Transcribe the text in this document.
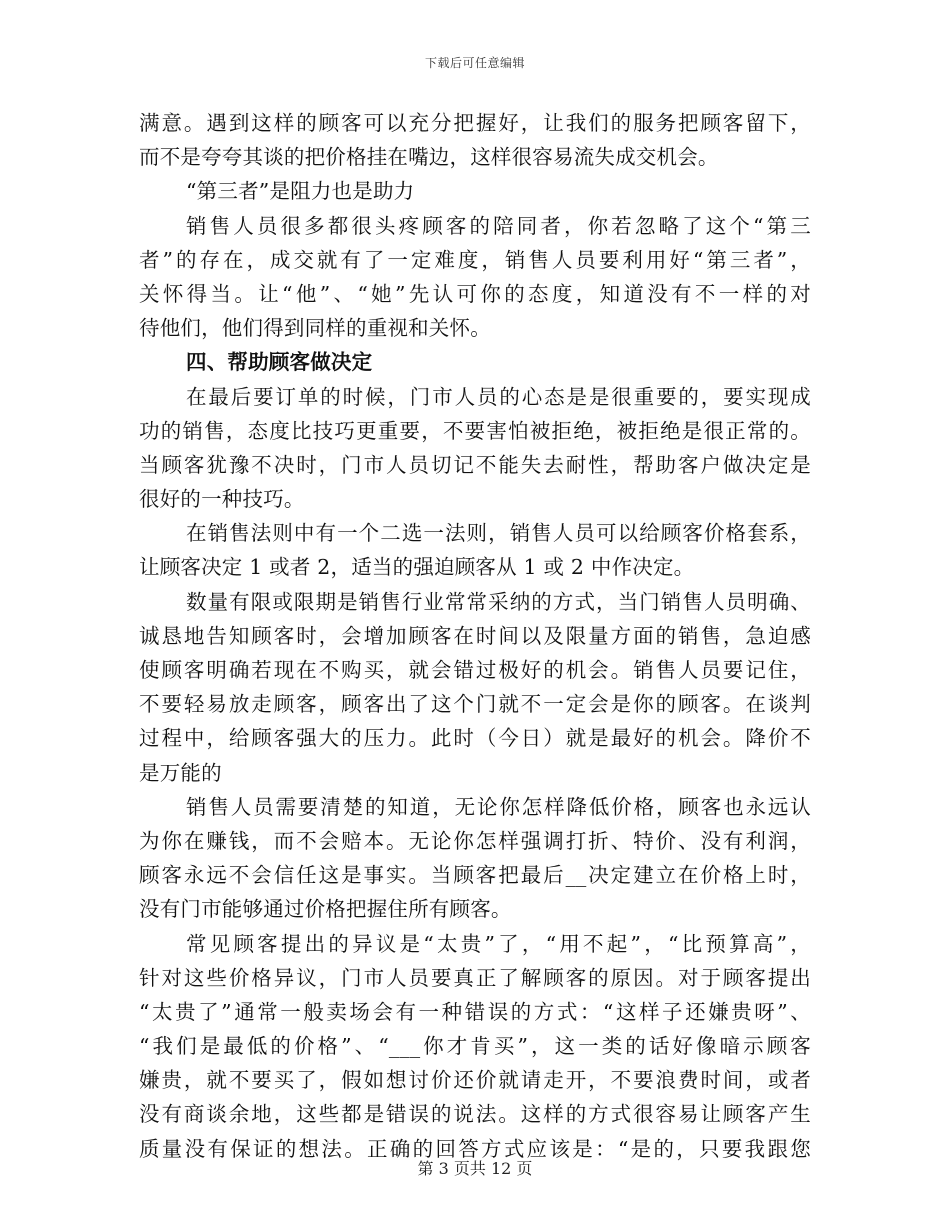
下载后可任意编辑
满意。遇到这样的顾客可以充分把握好，让我们的服务把顾客留下，
而不是夸夸其谈的把价格挂在嘴边，这样很容易流失成交机会。
“第三者”是阻力也是助力
销售人员很多都很头疼顾客的陪同者，你若忽略了这个“第三
者”的存在，成交就有了一定难度，销售人员要利用好“第三者”，
关怀得当。让“他”、“她”先认可你的态度，知道没有不一样的对
待他们，他们得到同样的重视和关怀。
四、帮助顾客做决定
在最后要订单的时候，门市人员的心态是是很重要的，要实现成
功的销售，态度比技巧更重要，不要害怕被拒绝，被拒绝是很正常的。
当顾客犹豫不决时，门市人员切记不能失去耐性，帮助客户做决定是
很好的一种技巧。
在销售法则中有一个二选一法则，销售人员可以给顾客价格套系，
让顾客决定 1 或者 2，适当的强迫顾客从 1 或 2 中作决定。
数量有限或限期是销售行业常常采纳的方式，当门销售人员明确、
诚恳地告知顾客时，会增加顾客在时间以及限量方面的销售，急迫感
使顾客明确若现在不购买，就会错过极好的机会。销售人员要记住，
不要轻易放走顾客，顾客出了这个门就不一定会是你的顾客。在谈判
过程中，给顾客强大的压力。此时（今日）就是最好的机会。降价不
是万能的
销售人员需要清楚的知道，无论你怎样降低价格，顾客也永远认
为你在赚钱，而不会赔本。无论你怎样强调打折、特价、没有利润，
顾客永远不会信任这是事实。当顾客把最后__决定建立在价格上时，
没有门市能够通过价格把握住所有顾客。
常见顾客提出的异议是“太贵”了，“用不起”，“比预算高”，
针对这些价格异议，门市人员要真正了解顾客的原因。对于顾客提出
“太贵了”通常一般卖场会有一种错误的方式：“这样子还嫌贵呀”、
“我们是最低的价格”、“___你才肯买”，这一类的话好像暗示顾客
嫌贵，就不要买了，假如想讨价还价就请走开，不要浪费时间，或者
没有商谈余地，这些都是错误的说法。这样的方式很容易让顾客产生
质量没有保证的想法。正确的回答方式应该是：“是的，只要我跟您
第 3 页共 12 页
